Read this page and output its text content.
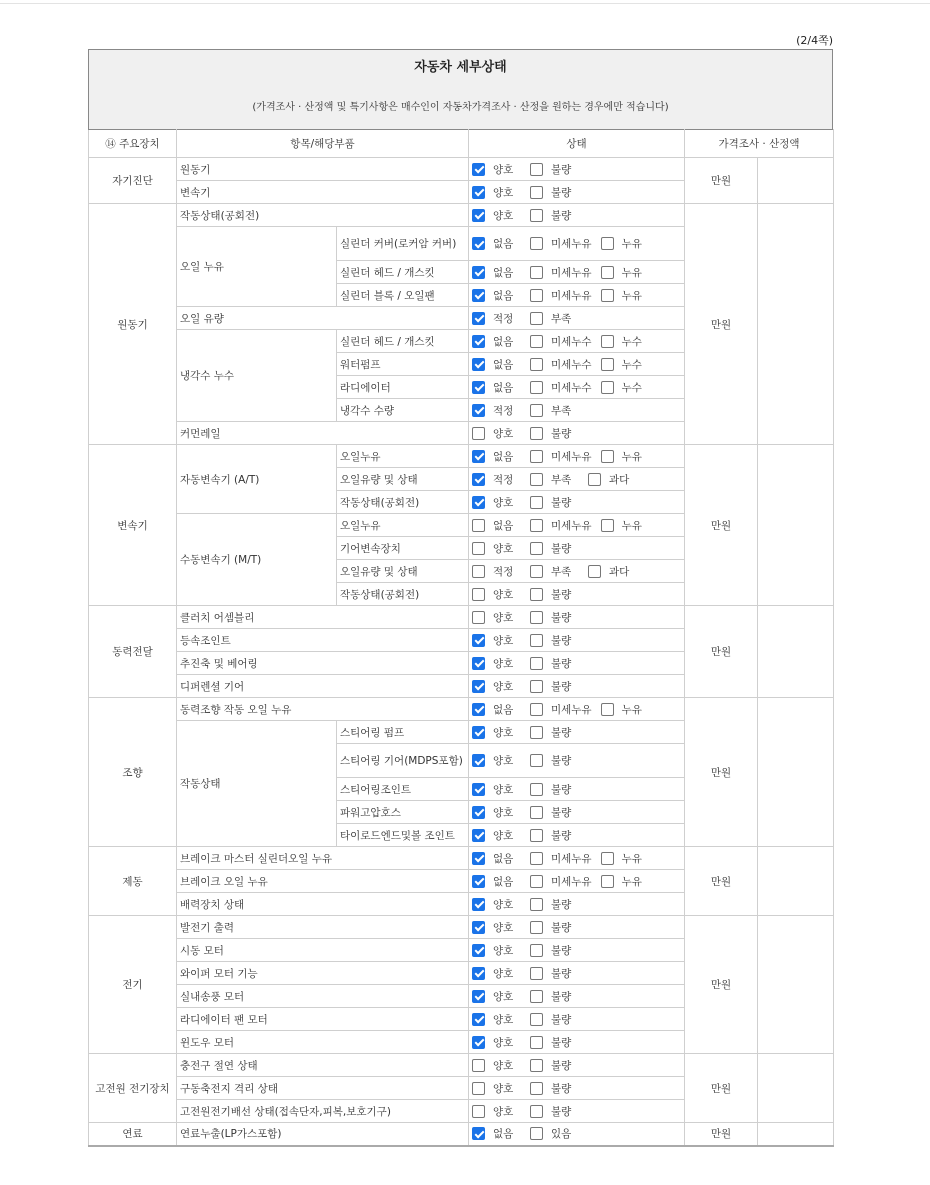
(2/4쪽)
자동차 세부상태
(가격조사 · 산정액 및 특기사항은 매수인이 자동차가격조사 · 산정을 원하는 경우에만 적습니다)
⑭ 주요장치	항목/해당부품		상태	가격조사 · 산정액	
자기진단	원동기		양호 불량	만원	
	변속기		양호 불량		
원동기	작동상태(공회전)		양호 불량	만원	
	오일 누유	실린더 커버(로커암 커버)	없음 미세누유 누유		
		실린더 헤드 / 개스킷	없음 미세누유 누유		
		실린더 블록 / 오일팬	없음 미세누유 누유		
	오일 유량		적정 부족		
	냉각수 누수	실린더 헤드 / 개스킷	없음 미세누수 누수		
		워터펌프	없음 미세누수 누수		
		라디에이터	없음 미세누수 누수		
		냉각수 수량	적정 부족		
	커먼레일		양호 불량		
변속기	자동변속기 (A/T)	오일누유	없음 미세누유 누유	만원	
		오일유량 및 상태	적정 부족 과다		
		작동상태(공회전)	양호 불량		
	수동변속기 (M/T)	오일누유	없음 미세누유 누유		
		기어변속장치	양호 불량		
		오일유량 및 상태	적정 부족 과다		
		작동상태(공회전)	양호 불량		
동력전달	클러치 어셈블리		양호 불량	만원	
	등속조인트		양호 불량		
	추진축 및 베어링		양호 불량		
	디퍼렌셜 기어		양호 불량		
조향	동력조향 작동 오일 누유		없음 미세누유 누유	만원	
	작동상태	스티어링 펌프	양호 불량		
		스티어링 기어(MDPS포함)	양호 불량		
		스티어링조인트	양호 불량		
		파워고압호스	양호 불량		
		타이로드엔드및볼 조인트	양호 불량		
제동	브레이크 마스터 실린더오일 누유		없음 미세누유 누유	만원	
	브레이크 오일 누유		없음 미세누유 누유		
	배력장치 상태		양호 불량		
전기	발전기 출력		양호 불량	만원	
	시동 모터		양호 불량		
	와이퍼 모터 기능		양호 불량		
	실내송풍 모터		양호 불량		
	라디에이터 팬 모터		양호 불량		
	윈도우 모터		양호 불량		
고전원 전기장치	충전구 절연 상태		양호 불량	만원	
	구동축전지 격리 상태		양호 불량		
	고전원전기배선 상태(접속단자,피복,보호기구)		양호 불량		
연료	연료누출(LP가스포함)		없음 있음	만원	
